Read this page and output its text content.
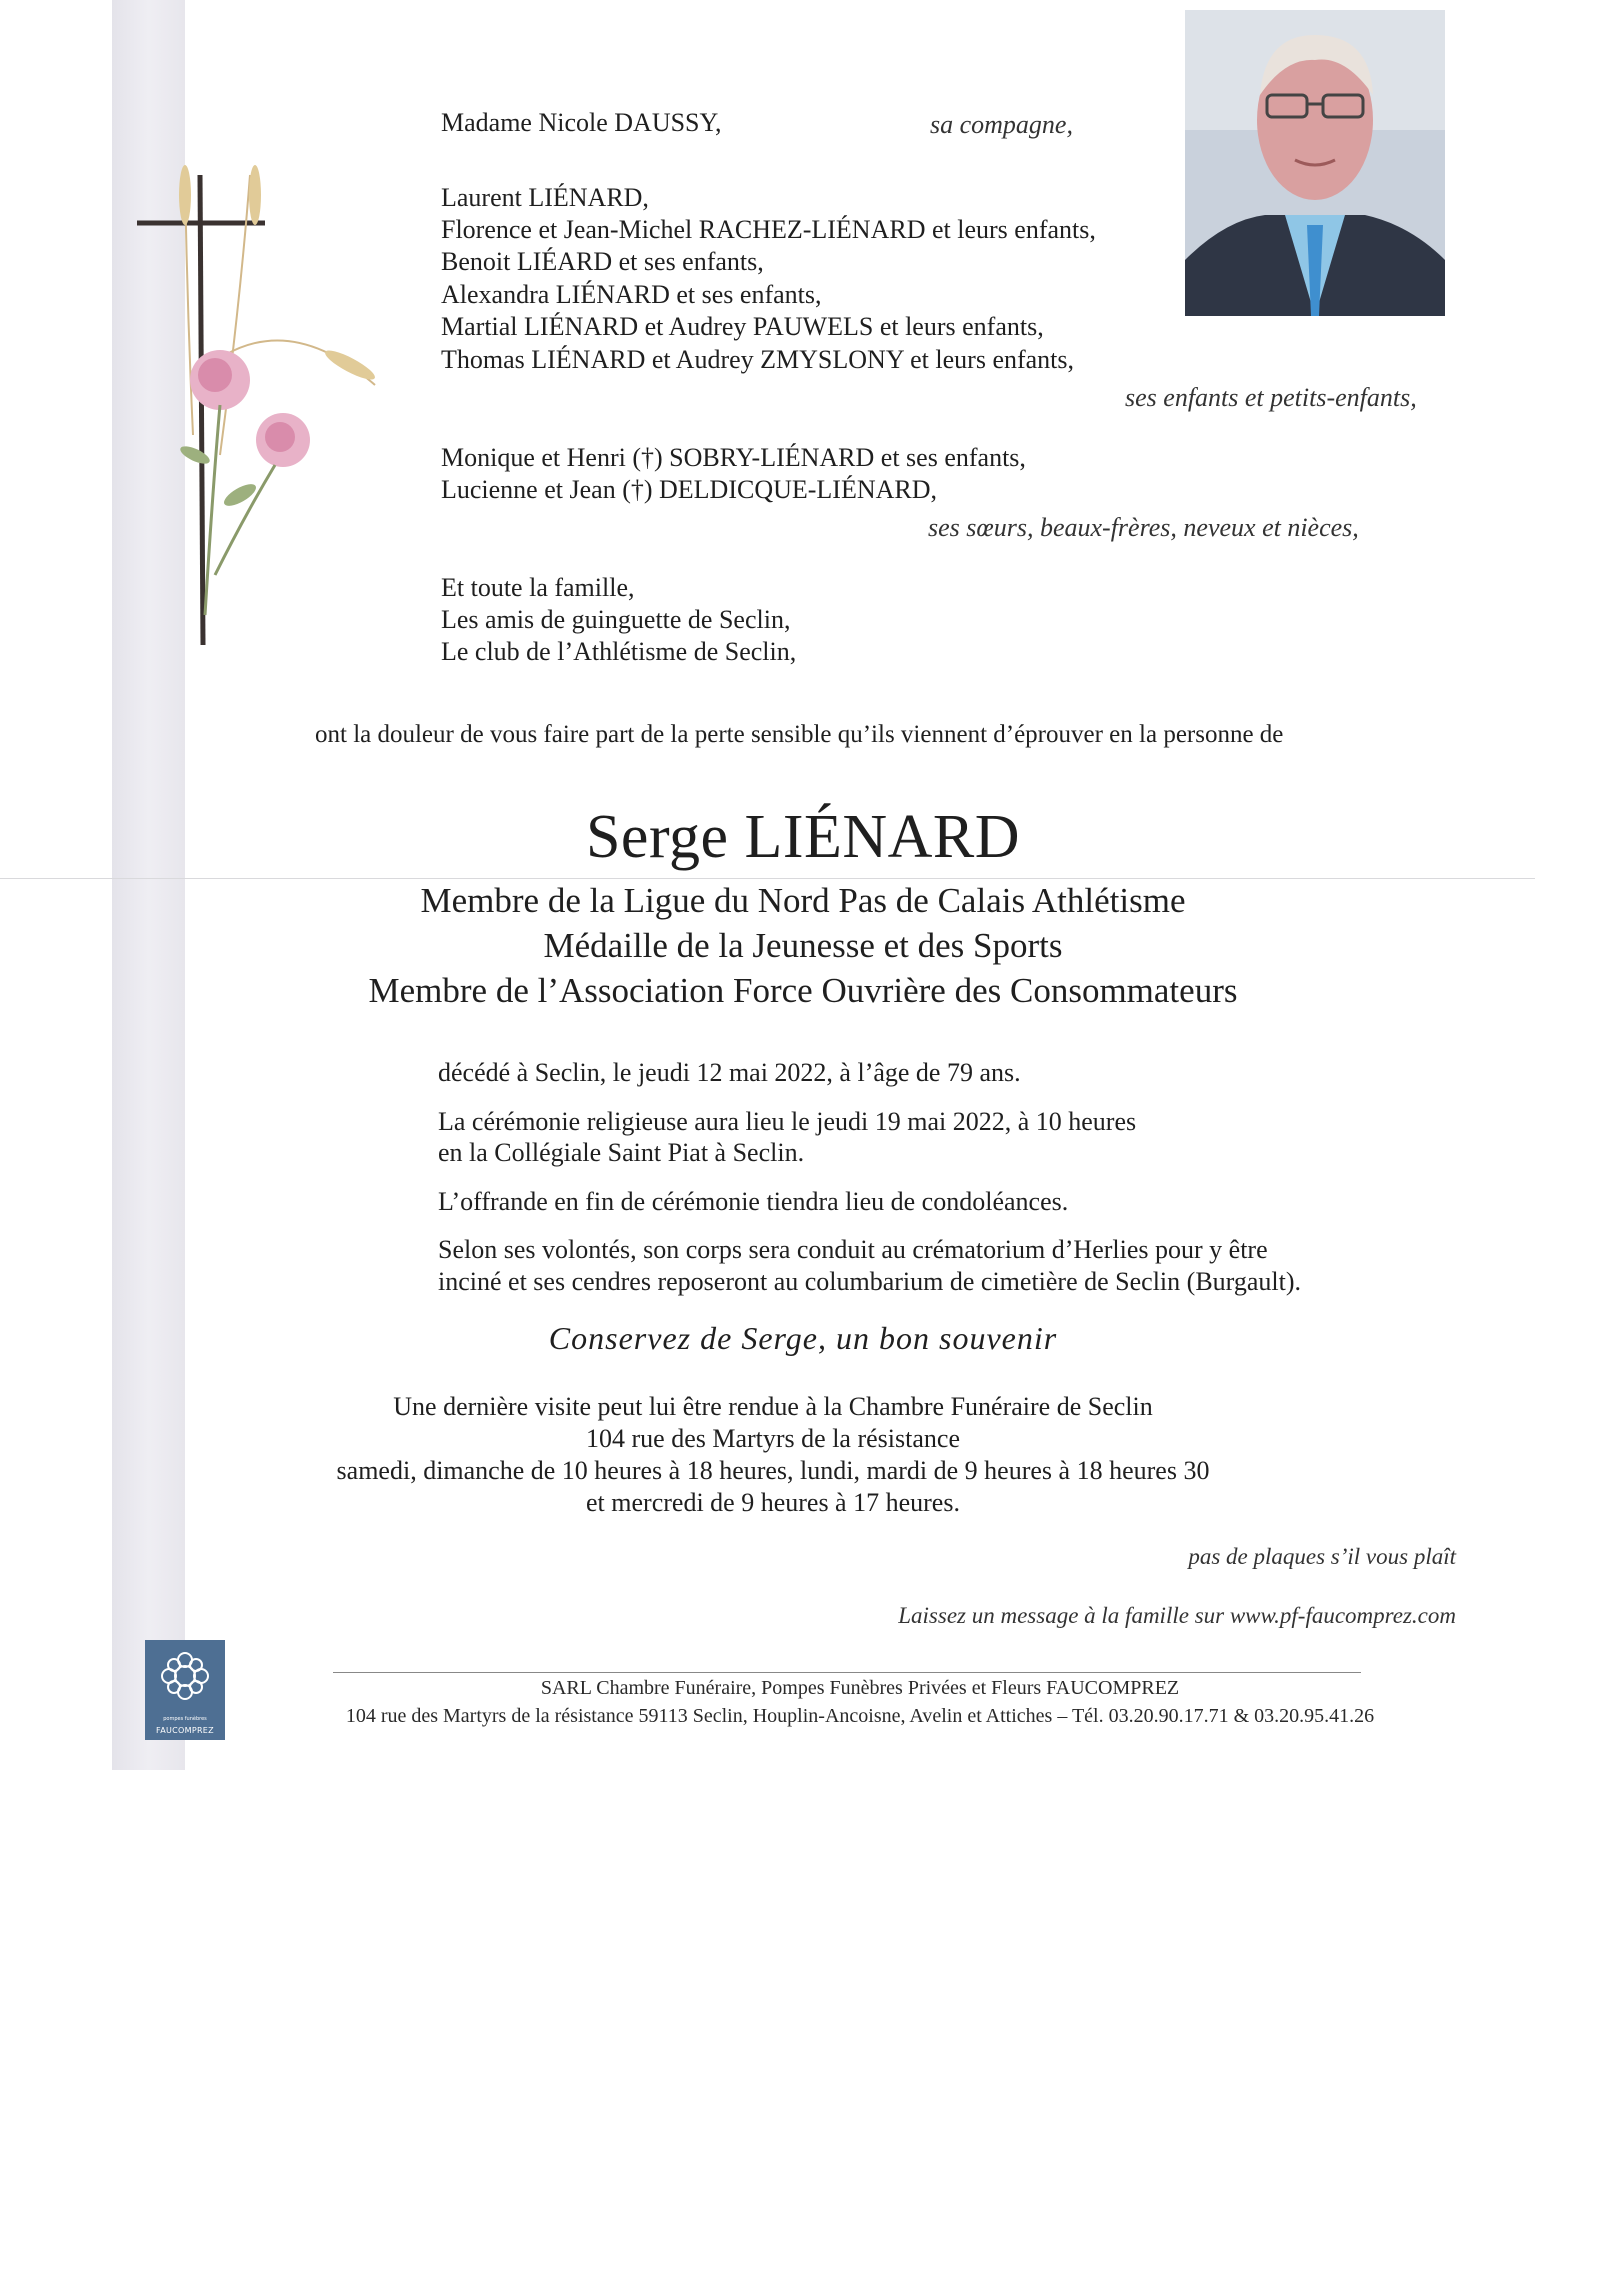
Madame Nicole DAUSSY,	sa compagne,
Laurent LIÉNARD,
Florence et Jean-Michel RACHEZ-LIÉNARD et leurs enfants,
Benoit LIÉARD et ses enfants,
Alexandra LIÉNARD et ses enfants,
Martial LIÉNARD et Audrey PAUWELS et leurs enfants,
Thomas LIÉNARD et Audrey ZMYSLONY et leurs enfants,
ses enfants et petits-enfants,
Monique et Henri (†) SOBRY-LIÉNARD et ses enfants,
Lucienne et Jean (†) DELDICQUE-LIÉNARD,
ses sœurs, beaux-frères, neveux et nièces,
Et toute la famille,
Les amis de guinguette de Seclin,
Le club de l’Athlétisme de Seclin,
ont la douleur de vous faire part de la perte sensible qu’ils viennent d’éprouver en la personne de
Serge LIÉNARD
Membre de la Ligue du Nord Pas de Calais Athlétisme
Médaille de la Jeunesse et des Sports
Membre de l’Association Force Ouvrière des Consommateurs
décédé à Seclin, le jeudi 12 mai 2022, à l’âge de 79 ans.
La cérémonie religieuse aura lieu le jeudi 19 mai 2022, à 10 heures
en la Collégiale Saint Piat à Seclin.
L’offrande en fin de cérémonie tiendra lieu de condoléances.
Selon ses volontés, son corps sera conduit au crématorium d’Herlies pour y être
inciné et ses cendres reposeront au columbarium de cimetière de Seclin (Burgault).
Conservez de Serge, un bon souvenir
Une dernière visite peut lui être rendue à la Chambre Funéraire de Seclin
104 rue des Martyrs de la résistance
samedi, dimanche de 10 heures à 18 heures, lundi, mardi de 9 heures à 18 heures 30
et mercredi de 9 heures à 17 heures.
pas de plaques s’il vous plaît
Laissez un message à la famille sur www.pf-faucomprez.com
pompes funèbres
FAUCOMPREZ
SARL Chambre Funéraire, Pompes Funèbres Privées et Fleurs FAUCOMPREZ
104 rue des Martyrs de la résistance 59113 Seclin, Houplin-Ancoisne, Avelin et Attiches – Tél. 03.20.90.17.71 & 03.20.95.41.26
